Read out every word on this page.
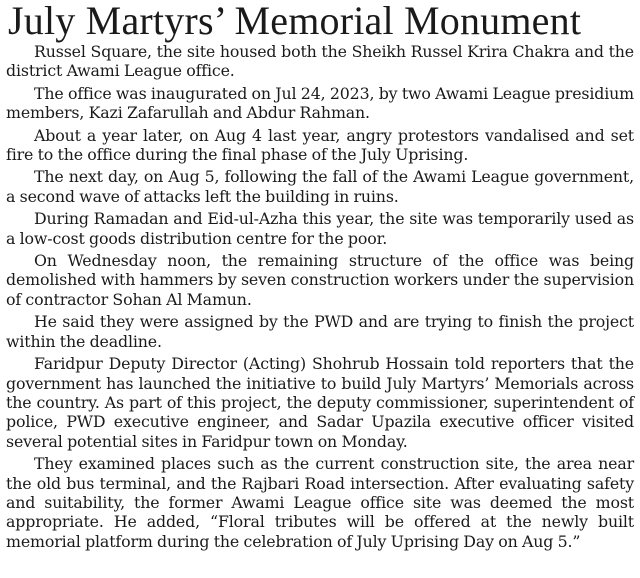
July Martyrs’ Memorial Monument

Russel Square, the site housed both the Sheikh Russel Krira Chakra and the district Awami League office.

The office was inaugurated on Jul 24, 2023, by two Awami League presidium members, Kazi Zafarullah and Abdur Rahman.

About a year later, on Aug 4 last year, angry protestors vandalised and set fire to the office during the final phase of the July Uprising.

The next day, on Aug 5, following the fall of the Awami League government, a second wave of attacks left the building in ruins.

During Ramadan and Eid-ul-Azha this year, the site was temporarily used as a low-cost goods distribution centre for the poor.

On Wednesday noon, the remaining structure of the office was being demolished with hammers by seven construction workers under the supervision of contractor Sohan Al Mamun.

He said they were assigned by the PWD and are trying to finish the project within the deadline.

Faridpur Deputy Director (Acting) Shohrub Hossain told reporters that the government has launched the initiative to build July Martyrs’ Memorials across the country. As part of this project, the deputy commissioner, superintendent of police, PWD executive engineer, and Sadar Upazila executive officer visited several potential sites in Faridpur town on Monday.

They examined places such as the current construction site, the area near the old bus terminal, and the Rajbari Road intersection. After evaluating safety and suitability, the former Awami League office site was deemed the most appropriate. He added, “Floral tributes will be offered at the newly built memorial platform during the celebration of July Uprising Day on Aug 5.”
